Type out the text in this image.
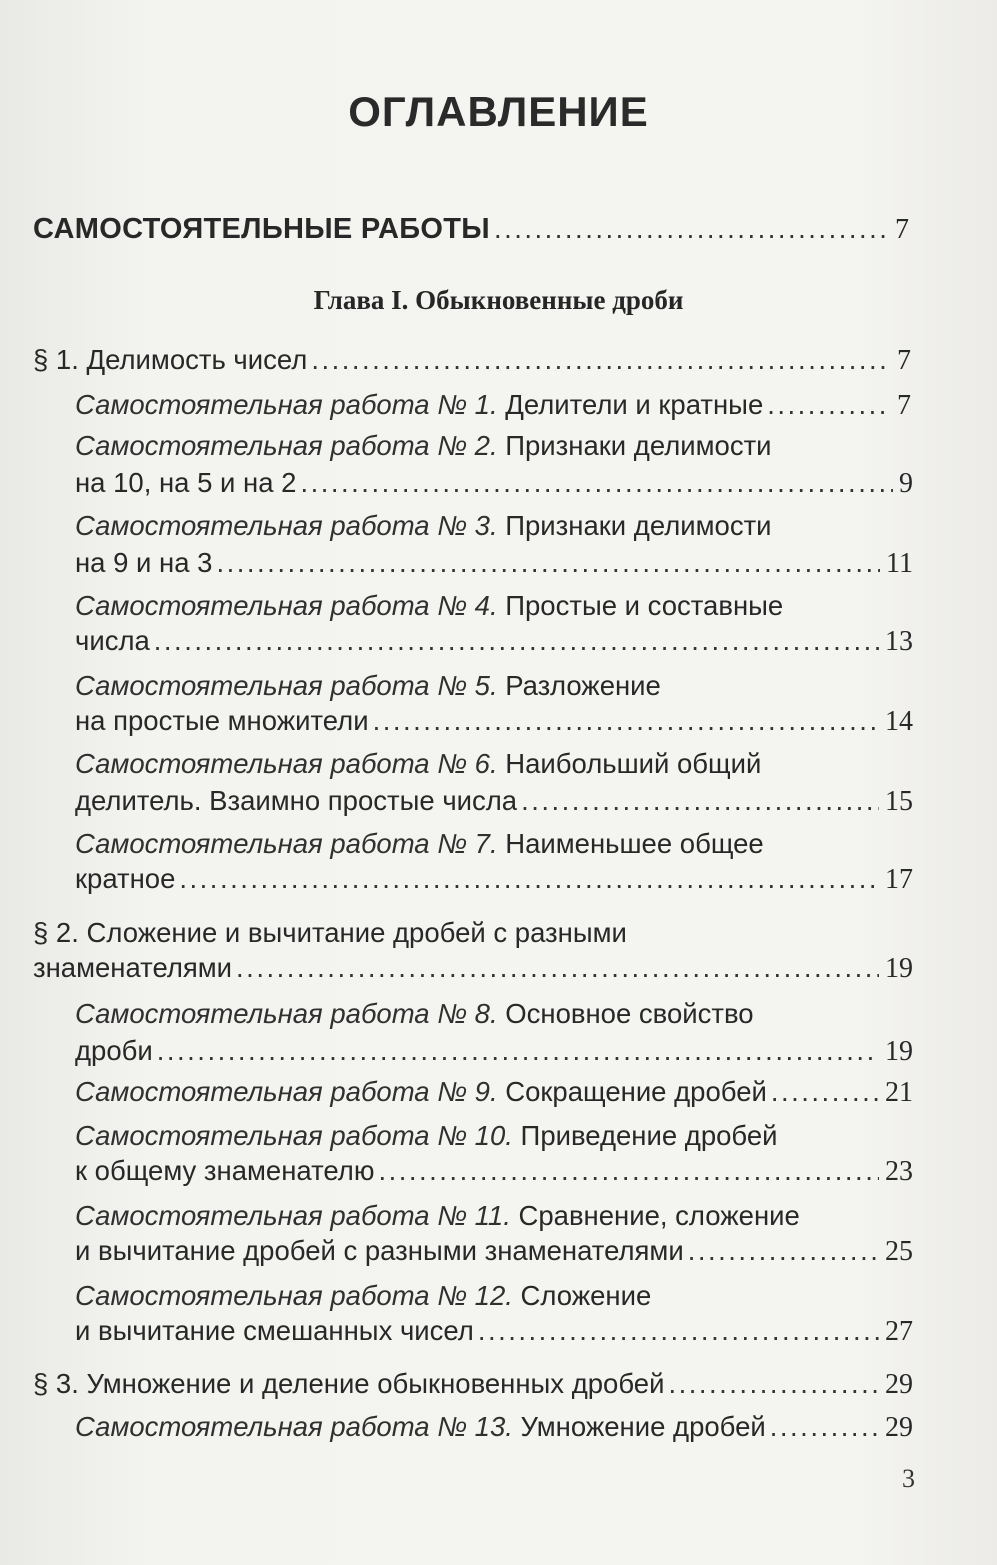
ОГЛАВЛЕНИЕ
САМОСТОЯТЕЛЬНЫЕ РАБОТЫ .....	7
Глава I. Обыкновенные дроби
§ 1. Делимость чисел .....	7
Самостоятельная работа № 1. Делители и кратные .....	7
Самостоятельная работа № 2. Признаки делимости
на 10, на 5 и на 2 .....	9
Самостоятельная работа № 3. Признаки делимости
на 9 и на 3 .....	11
Самостоятельная работа № 4. Простые и составные
числа .....	13
Самостоятельная работа № 5. Разложение
на простые множители .....	14
Самостоятельная работа № 6. Наибольший общий
делитель. Взаимно простые числа .....	15
Самостоятельная работа № 7. Наименьшее общее
кратное .....	17
§ 2. Сложение и вычитание дробей с разными
знаменателями .....	19
Самостоятельная работа № 8. Основное свойство
дроби .....	19
Самостоятельная работа № 9. Сокращение дробей .....	21
Самостоятельная работа № 10. Приведение дробей
к общему знаменателю .....	23
Самостоятельная работа № 11. Сравнение, сложение
и вычитание дробей с разными знаменателями .....	25
Самостоятельная работа № 12. Сложение
и вычитание смешанных чисел .....	27
§ 3. Умножение и деление обыкновенных дробей .....	29
Самостоятельная работа № 13. Умножение дробей .....	29
3
